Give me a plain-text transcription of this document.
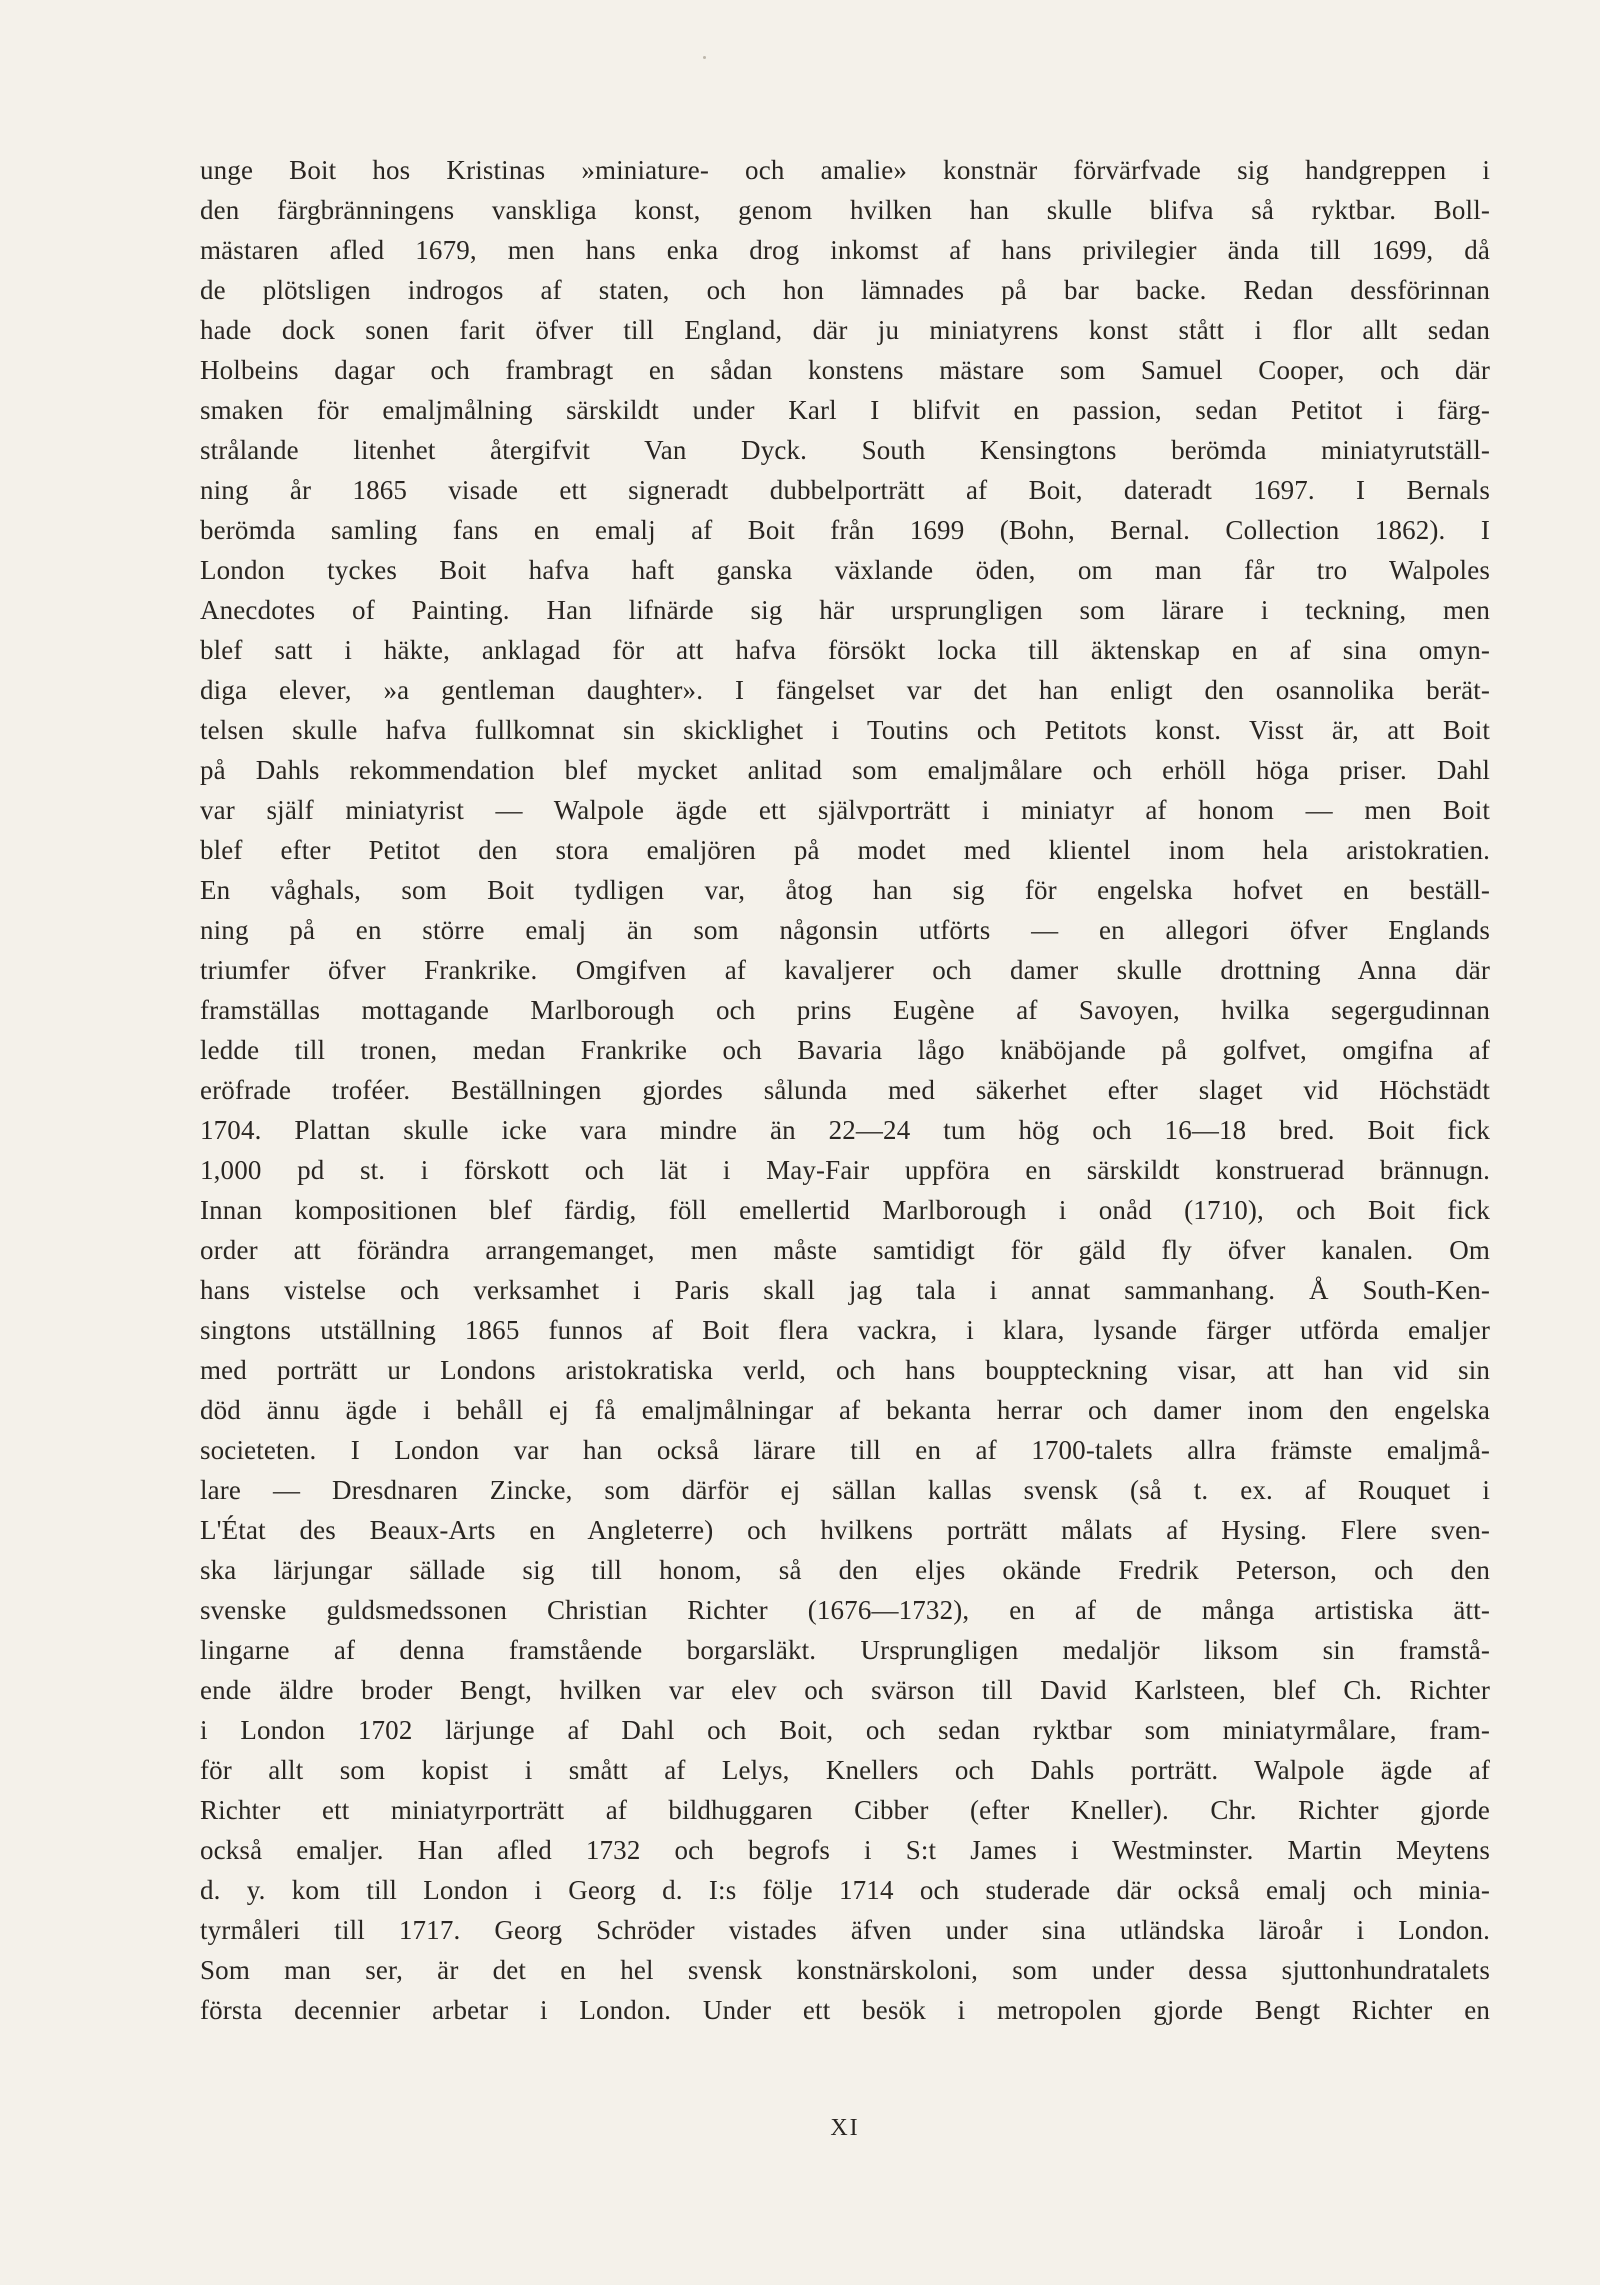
unge Boit hos Kristinas »miniature- och amalie» konstnär förvärfvade sig handgreppen i
den färgbränningens vanskliga konst, genom hvilken han skulle blifva så ryktbar. Boll-
mästaren afled 1679, men hans enka drog inkomst af hans privilegier ända till 1699, då
de plötsligen indrogos af staten, och hon lämnades på bar backe. Redan dessförinnan
hade dock sonen farit öfver till England, där ju miniatyrens konst stått i flor allt sedan
Holbeins dagar och frambragt en sådan konstens mästare som Samuel Cooper, och där
smaken för emaljmålning särskildt under Karl I blifvit en passion, sedan Petitot i färg-
strålande litenhet återgifvit Van Dyck. South Kensingtons berömda miniatyrutställ-
ning år 1865 visade ett signeradt dubbelporträtt af Boit, dateradt 1697. I Bernals
berömda samling fans en emalj af Boit från 1699 (Bohn, Bernal. Collection 1862). I
London tyckes Boit hafva haft ganska växlande öden, om man får tro Walpoles
Anecdotes of Painting. Han lifnärde sig här ursprungligen som lärare i teckning, men
blef satt i häkte, anklagad för att hafva försökt locka till äktenskap en af sina omyn-
diga elever, »a gentleman daughter». I fängelset var det han enligt den osannolika berät-
telsen skulle hafva fullkomnat sin skicklighet i Toutins och Petitots konst. Visst är, att Boit
på Dahls rekommendation blef mycket anlitad som emaljmålare och erhöll höga priser. Dahl
var själf miniatyrist — Walpole ägde ett självporträtt i miniatyr af honom — men Boit
blef efter Petitot den stora emaljören på modet med klientel inom hela aristokratien.
En våghals, som Boit tydligen var, åtog han sig för engelska hofvet en beställ-
ning på en större emalj än som någonsin utförts — en allegori öfver Englands
triumfer öfver Frankrike. Omgifven af kavaljerer och damer skulle drottning Anna där
framställas mottagande Marlborough och prins Eugène af Savoyen, hvilka segergudinnan
ledde till tronen, medan Frankrike och Bavaria lågo knäböjande på golfvet, omgifna af
eröfrade troféer. Beställningen gjordes sålunda med säkerhet efter slaget vid Höchstädt
1704. Plattan skulle icke vara mindre än 22—24 tum hög och 16—18 bred. Boit fick
1,000 pd st. i förskott och lät i May-Fair uppföra en särskildt konstruerad brännugn.
Innan kompositionen blef färdig, föll emellertid Marlborough i onåd (1710), och Boit fick
order att förändra arrangemanget, men måste samtidigt för gäld fly öfver kanalen. Om
hans vistelse och verksamhet i Paris skall jag tala i annat sammanhang. Å South-Ken-
singtons utställning 1865 funnos af Boit flera vackra, i klara, lysande färger utförda emaljer
med porträtt ur Londons aristokratiska verld, och hans bouppteckning visar, att han vid sin
död ännu ägde i behåll ej få emaljmålningar af bekanta herrar och damer inom den engelska
societeten. I London var han också lärare till en af 1700-talets allra främste emaljmå-
lare — Dresdnaren Zincke, som därför ej sällan kallas svensk (så t. ex. af Rouquet i
L'État des Beaux-Arts en Angleterre) och hvilkens porträtt målats af Hysing. Flere sven-
ska lärjungar sällade sig till honom, så den eljes okände Fredrik Peterson, och den
svenske guldsmedssonen Christian Richter (1676—1732), en af de många artistiska ätt-
lingarne af denna framstående borgarsläkt. Ursprungligen medaljör liksom sin framstå-
ende äldre broder Bengt, hvilken var elev och svärson till David Karlsteen, blef Ch. Richter
i London 1702 lärjunge af Dahl och Boit, och sedan ryktbar som miniatyrmålare, fram-
för allt som kopist i smått af Lelys, Knellers och Dahls porträtt. Walpole ägde af
Richter ett miniatyrporträtt af bildhuggaren Cibber (efter Kneller). Chr. Richter gjorde
också emaljer. Han afled 1732 och begrofs i S:t James i Westminster. Martin Meytens
d. y. kom till London i Georg d. I:s följe 1714 och studerade där också emalj och minia-
tyrmåleri till 1717. Georg Schröder vistades äfven under sina utländska läroår i London.
Som man ser, är det en hel svensk konstnärskoloni, som under dessa sjuttonhundratalets
första decennier arbetar i London. Under ett besök i metropolen gjorde Bengt Richter en
XI
